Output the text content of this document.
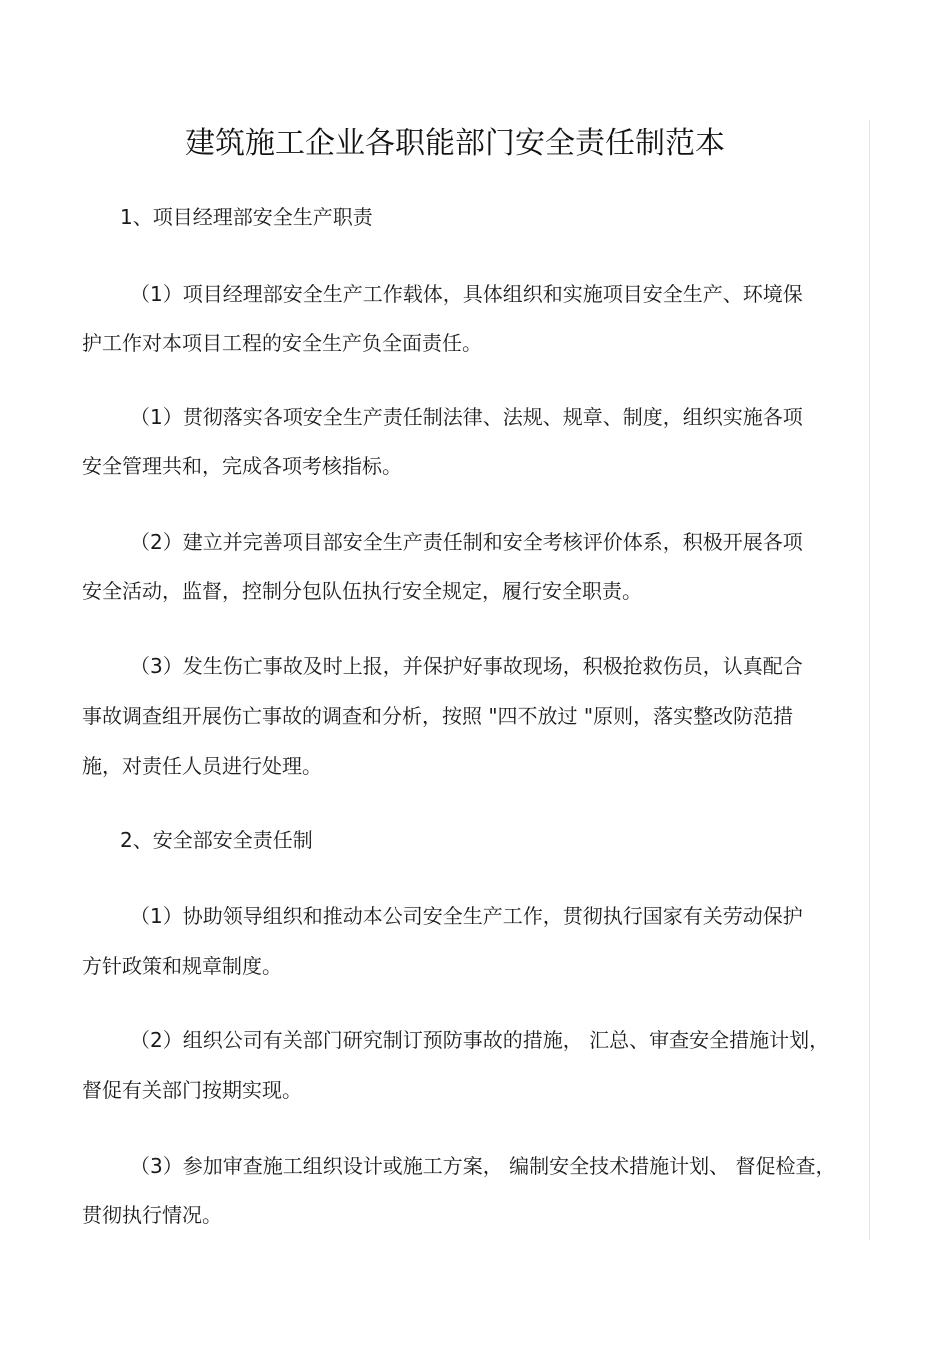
建筑施工企业各职能部门安全责任制范本
1、项目经理部安全生产职责
（1）项目经理部安全生产工作载体，具体组织和实施项目安全生产、环境保
护工作对本项目工程的安全生产负全面责任。
（1）贯彻落实各项安全生产责任制法律、法规、规章、制度，组织实施各项
安全管理共和，完成各项考核指标。
（2）建立并完善项目部安全生产责任制和安全考核评价体系，积极开展各项
安全活动，监督，控制分包队伍执行安全规定，履行安全职责。
（3）发生伤亡事故及时上报，并保护好事故现场，积极抢救伤员，认真配合
事故调查组开展伤亡事故的调查和分析，按照 "四不放过 "原则，落实整改防范措
施，对责任人员进行处理。
2、安全部安全责任制
（1）协助领导组织和推动本公司安全生产工作，贯彻执行国家有关劳动保护
方针政策和规章制度。
（2）组织公司有关部门研究制订预防事故的措施， 汇总、审查安全措施计划，
督促有关部门按期实现。
（3）参加审查施工组织设计或施工方案， 编制安全技术措施计划、 督促检查，
贯彻执行情况。
